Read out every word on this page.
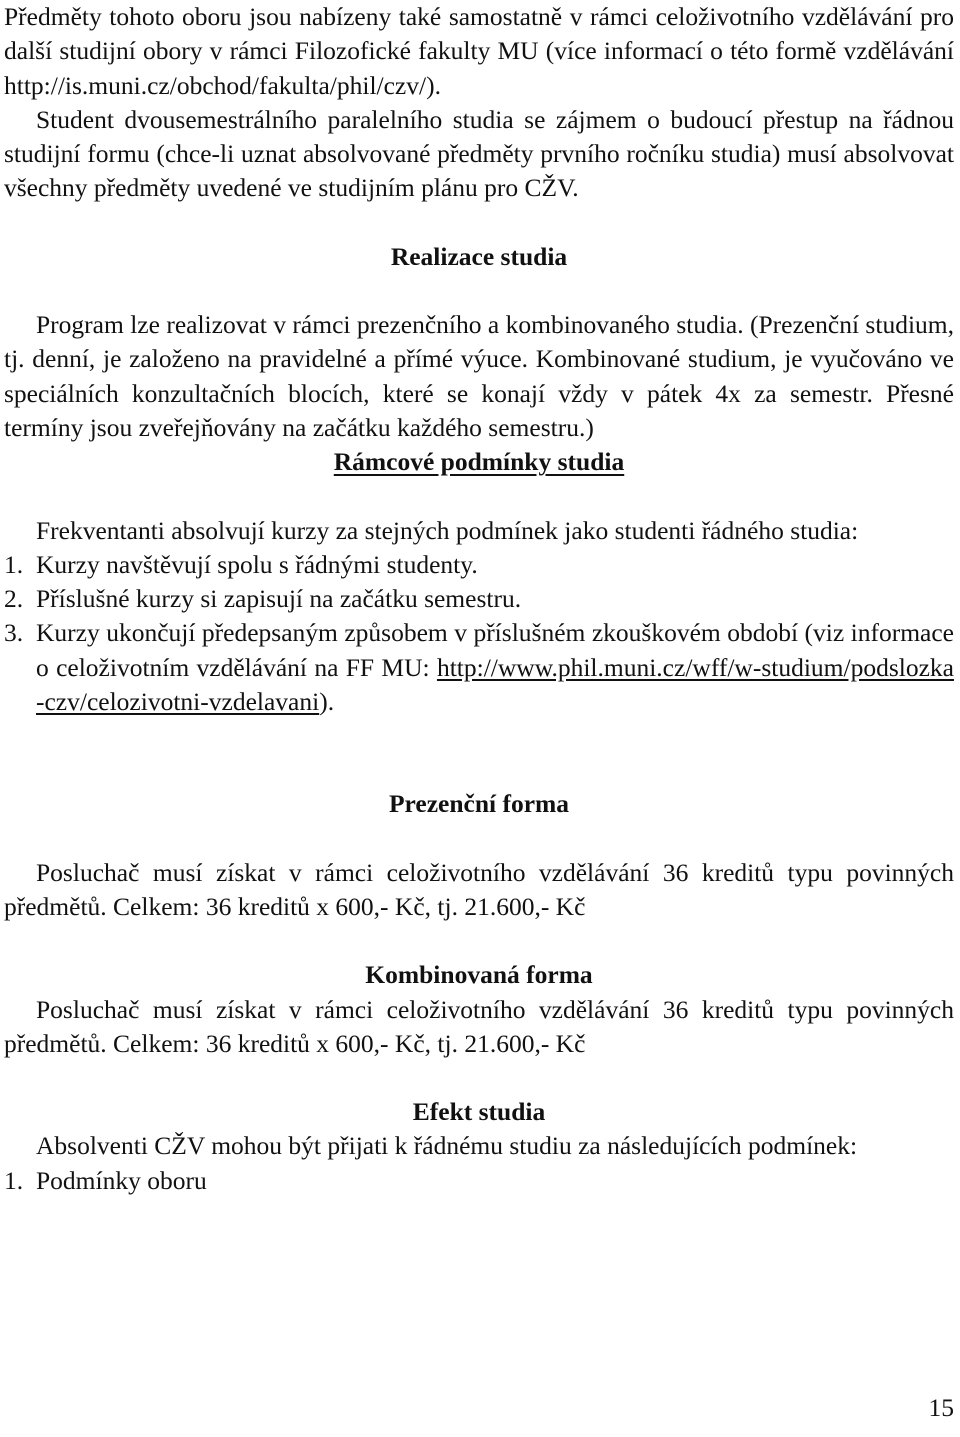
Předměty tohoto oboru jsou nabízeny také samostatně v rámci celoživotního vzdělávání pro další studijní obory v rámci Filozofické fakulty MU (více informací o této formě vzdělávání http://is.muni.cz/obchod/fakulta/phil/czv/).

Student dvousemestrálního paralelního studia se zájmem o budoucí přestup na řádnou studijní formu (chce-li uznat absolvované předměty prvního ročníku studia) musí absolvovat všechny předměty uvedené ve studijním plánu pro CŽV.

Realizace studia

Program lze realizovat v rámci prezenčního a kombinovaného studia. (Prezenční studium, tj. denní, je založeno na pravidelné a přímé výuce. Kombinované studium, je vyučováno ve speciálních konzultačních blocích, které se konají vždy v pátek 4x za semestr. Přesné termíny jsou zveřejňovány na začátku každého semestru.)

Rámcové podmínky studia

Frekventanti absolvují kurzy za stejných podmínek jako studenti řádného studia:

1. Kurzy navštěvují spolu s řádnými studenty.
2. Příslušné kurzy si zapisují na začátku semestru.
3. Kurzy ukončují předepsaným způsobem v příslušném zkouškovém období (viz informace o celoživotním vzdělávání na FF MU: http://www.phil.muni.cz/wff/w-studium/podslozka-czv/celozivotni-vzdelavani).

Prezenční forma

Posluchač musí získat v rámci celoživotního vzdělávání 36 kreditů typu povinných předmětů. Celkem: 36 kreditů x 600,- Kč, tj. 21.600,- Kč

Kombinovaná forma

Posluchač musí získat v rámci celoživotního vzdělávání 36 kreditů typu povinných předmětů. Celkem: 36 kreditů x 600,- Kč, tj. 21.600,- Kč

Efekt studia

Absolventi CŽV mohou být přijati k řádnému studiu za následujících podmínek:

1. Podmínky oboru
15
